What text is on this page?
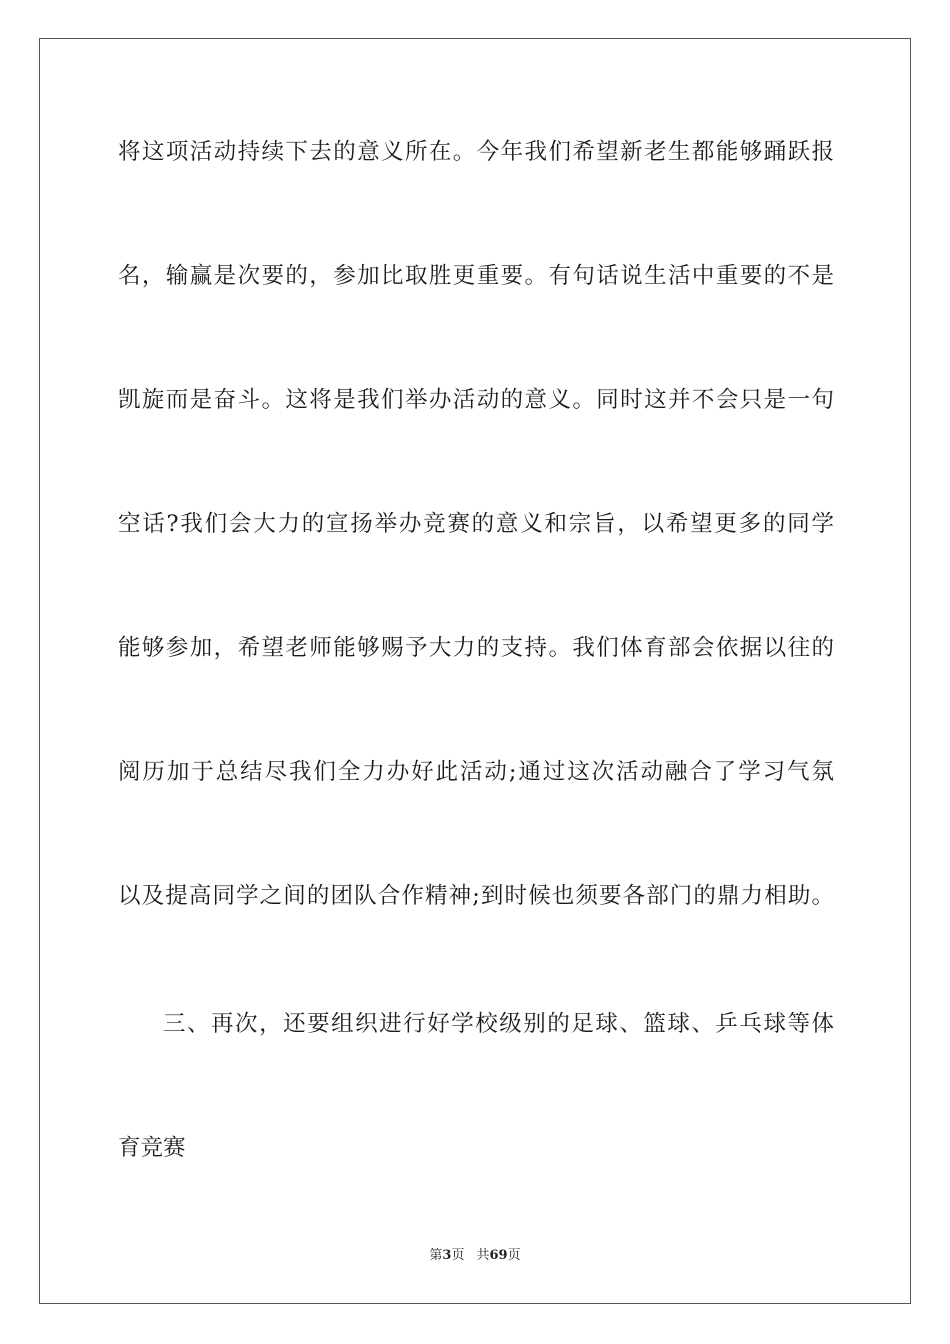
将这项活动持续下去的意义所在。今年我们希望新老生都能够踊跃报
名，输赢是次要的，参加比取胜更重要。有句话说生活中重要的不是
凯旋而是奋斗。这将是我们举办活动的意义。同时这并不会只是一句
空话?我们会大力的宣扬举办竞赛的意义和宗旨，以希望更多的同学
能够参加，希望老师能够赐予大力的支持。我们体育部会依据以往的
阅历加于总结尽我们全力办好此活动;通过这次活动融合了学习气氛
以及提高同学之间的团队合作精神;到时候也须要各部门的鼎力相助。
三、再次，还要组织进行好学校级别的足球、篮球、乒乓球等体
育竞赛
第3页 共69页
